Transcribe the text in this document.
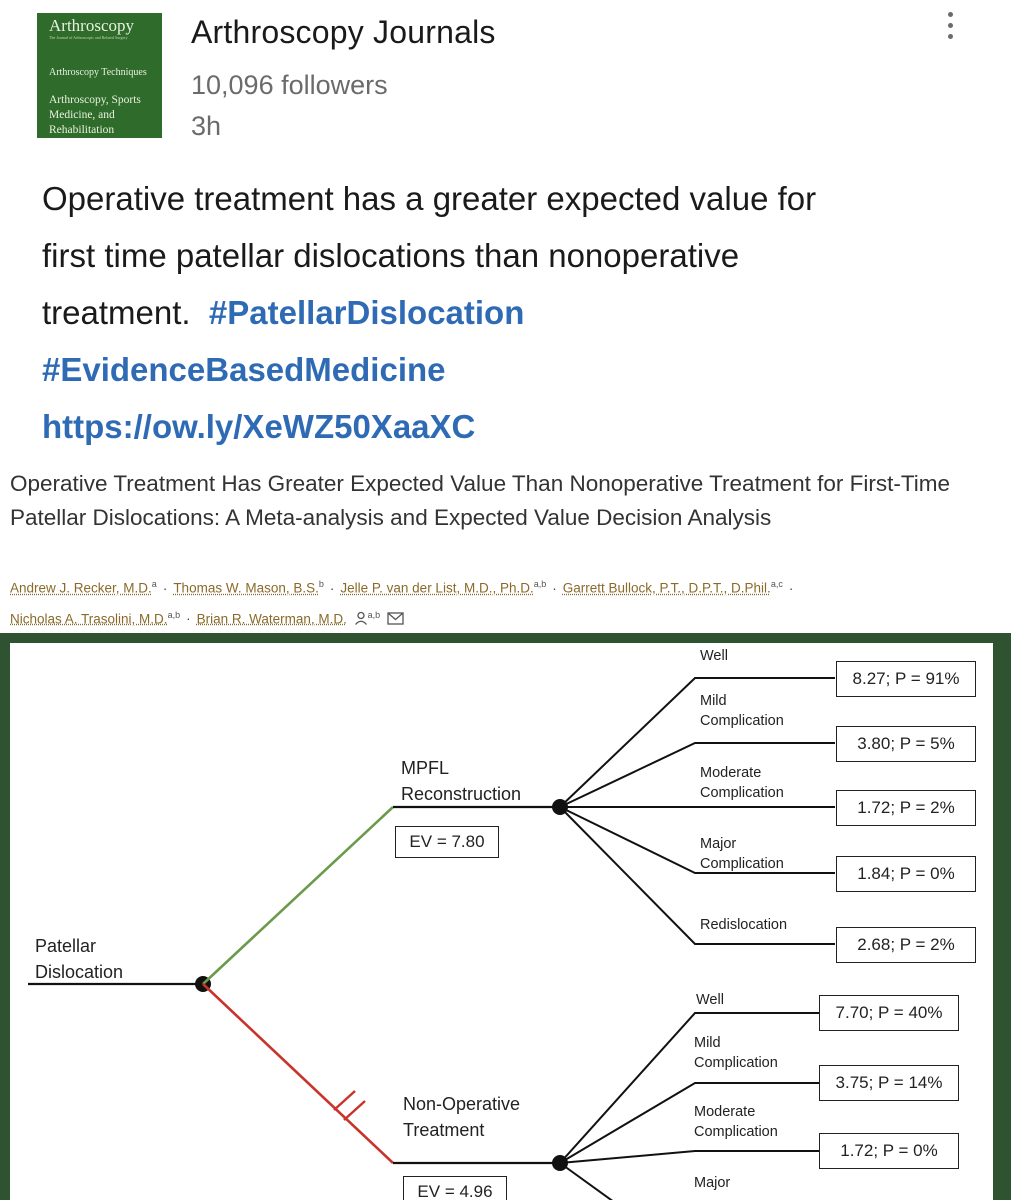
Arthroscopy
The Journal of Arthroscopic and Related Surgery
Arthroscopy Techniques
Arthroscopy, Sports Medicine, and Rehabilitation
Arthroscopy Journals
10,096 followers
3h
Operative treatment has a greater expected value for
first time patellar dislocations than nonoperative
treatment. #PatellarDislocation
#EvidenceBasedMedicine
https://ow.ly/XeWZ50XaaXC
Operative Treatment Has Greater Expected Value Than Nonoperative Treatment for First-Time Patellar Dislocations: A Meta-analysis and Expected Value Decision Analysis
Andrew J. Recker, M.D.$^a$ · Thomas W. Mason, B.S.$^b$ · Jelle P. van der List, M.D., Ph.D.$^{a,b}$ · Garrett Bullock, P.T., D.P.T., D.Phil.$^{a,c}$ ·
Nicholas A. Trasolini, M.D.$^{a,b}$ · Brian R. Waterman, M.D. $^{a,b}$
Patellar
Dislocation
MPFL
Reconstruction
EV = 7.80
Well
Mild
Complication
Moderate
Complication
Major
Complication
Redislocation
8.27; P = 91%
3.80; P = 5%
1.72; P = 2%
1.84; P = 0%
2.68; P = 2%
Non-Operative
Treatment
EV = 4.96
Well
Mild
Complication
Moderate
Complication
Major
7.70; P = 40%
3.75; P = 14%
1.72; P = 0%
